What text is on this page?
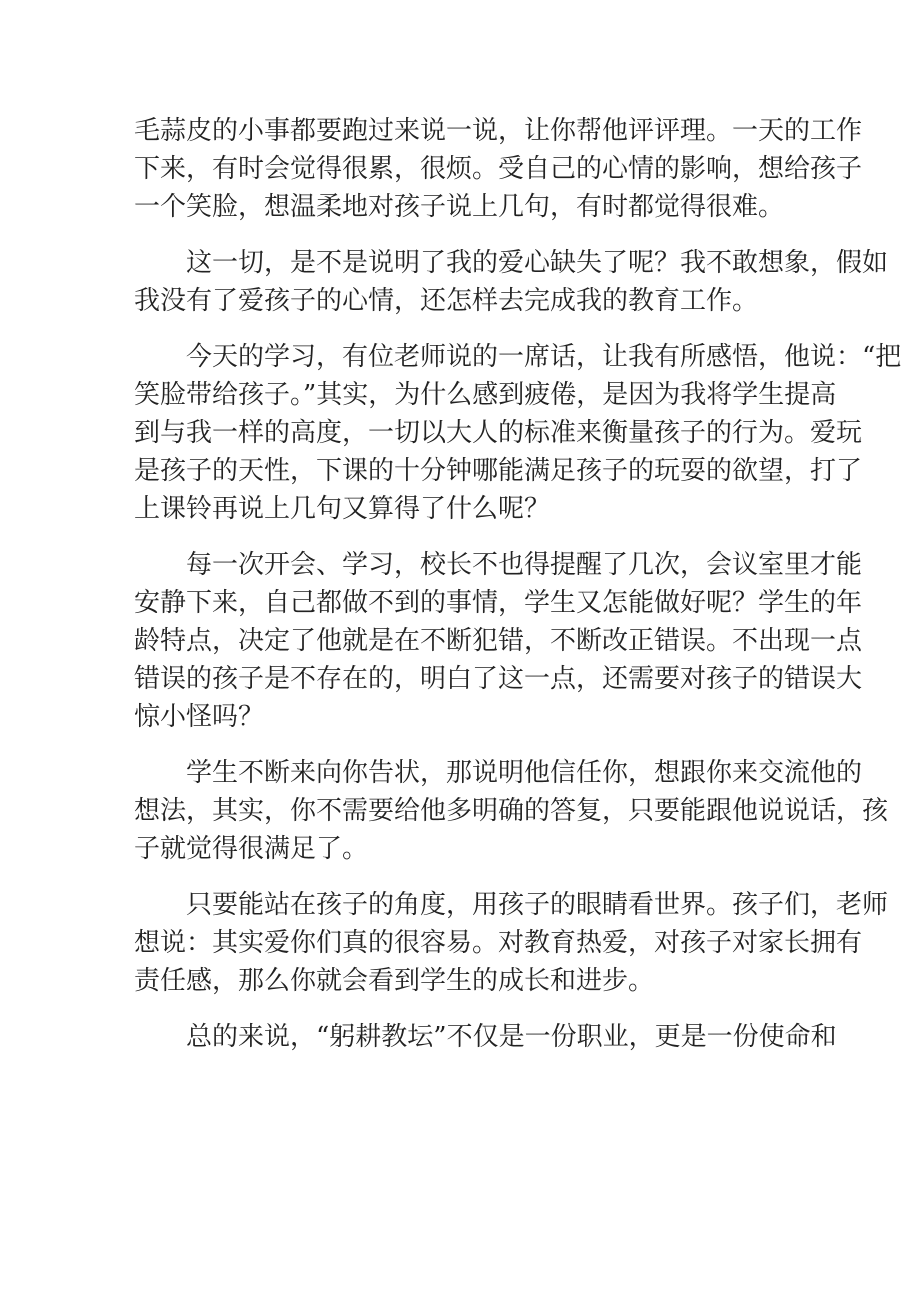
毛蒜皮的小事都要跑过来说一说，让你帮他评评理。一天的工作

下来，有时会觉得很累，很烦。受自己的心情的影响，想给孩子

一个笑脸，想温柔地对孩子说上几句，有时都觉得很难。

这一切，是不是说明了我的爱心缺失了呢？我不敢想象，假如

我没有了爱孩子的心情，还怎样去完成我的教育工作。

今天的学习，有位老师说的一席话，让我有所感悟，他说：“把

笑脸带给孩子。”其实，为什么感到疲倦，是因为我将学生提高

到与我一样的高度，一切以大人的标准来衡量孩子的行为。爱玩

是孩子的天性，下课的十分钟哪能满足孩子的玩耍的欲望，打了

上课铃再说上几句又算得了什么呢？

每一次开会、学习，校长不也得提醒了几次，会议室里才能

安静下来，自己都做不到的事情，学生又怎能做好呢？学生的年

龄特点，决定了他就是在不断犯错，不断改正错误。不出现一点

错误的孩子是不存在的，明白了这一点，还需要对孩子的错误大

惊小怪吗？

学生不断来向你告状，那说明他信任你，想跟你来交流他的

想法，其实，你不需要给他多明确的答复，只要能跟他说说话，孩

子就觉得很满足了。

只要能站在孩子的角度，用孩子的眼睛看世界。孩子们，老师

想说：其实爱你们真的很容易。对教育热爱，对孩子对家长拥有

责任感，那么你就会看到学生的成长和进步。

总的来说，“躬耕教坛”不仅是一份职业，更是一份使命和
